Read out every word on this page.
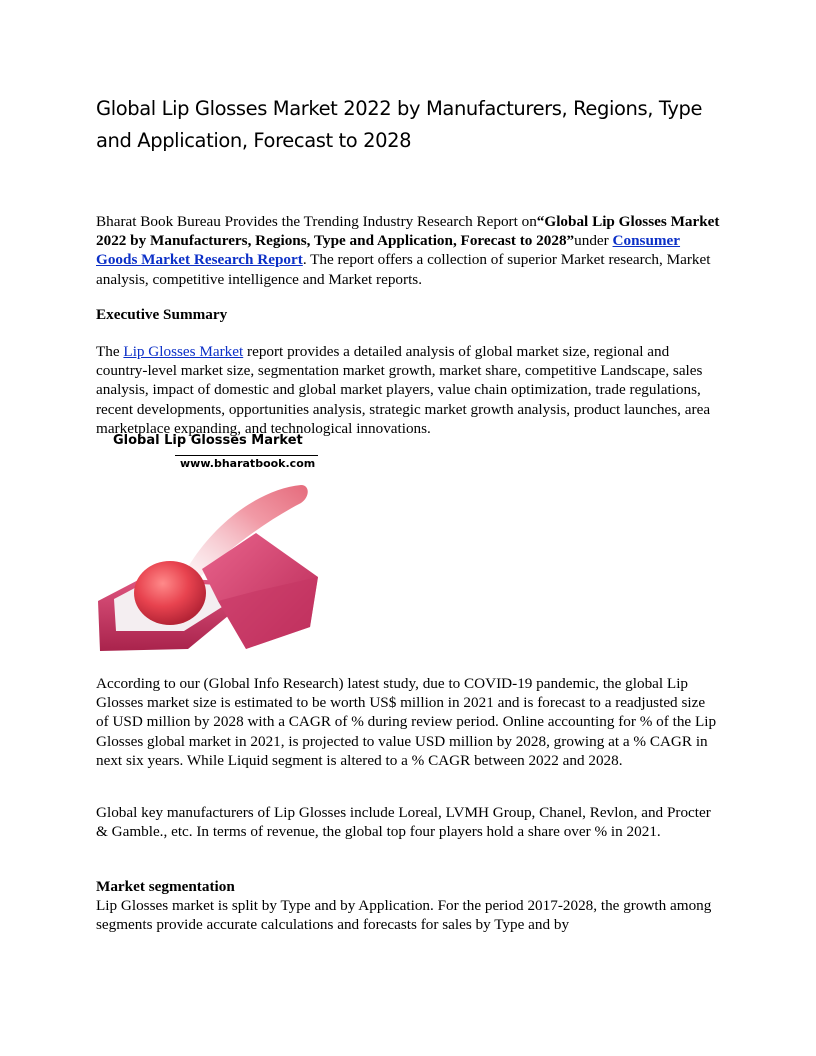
Global Lip Glosses Market 2022 by Manufacturers, Regions, Type and Application, Forecast to 2028

Bharat Book Bureau Provides the Trending Industry Research Report on“Global Lip Glosses Market 2022 by Manufacturers, Regions, Type and Application, Forecast to 2028”under Consumer Goods Market Research Report. The report offers a collection of superior Market research, Market analysis, competitive intelligence and Market reports.

Executive Summary

The Lip Glosses Market report provides a detailed analysis of global market size, regional and country-level market size, segmentation market growth, market share, competitive Landscape, sales analysis, impact of domestic and global market players, value chain optimization, trade regulations, recent developments, opportunities analysis, strategic market growth analysis, product launches, area marketplace expanding, and technological innovations.

Global Lip Glosses Market
www.bharatbook.com

According to our (Global Info Research) latest study, due to COVID-19 pandemic, the global Lip Glosses market size is estimated to be worth US$ million in 2021 and is forecast to a readjusted size of USD million by 2028 with a CAGR of % during review period. Online accounting for % of the Lip Glosses global market in 2021, is projected to value USD million by 2028, growing at a % CAGR in next six years. While Liquid segment is altered to a % CAGR between 2022 and 2028.

Global key manufacturers of Lip Glosses include Loreal, LVMH Group, Chanel, Revlon, and Procter & Gamble., etc. In terms of revenue, the global top four players hold a share over % in 2021.

Market segmentation

Lip Glosses market is split by Type and by Application. For the period 2017-2028, the growth among segments provide accurate calculations and forecasts for sales by Type and by
